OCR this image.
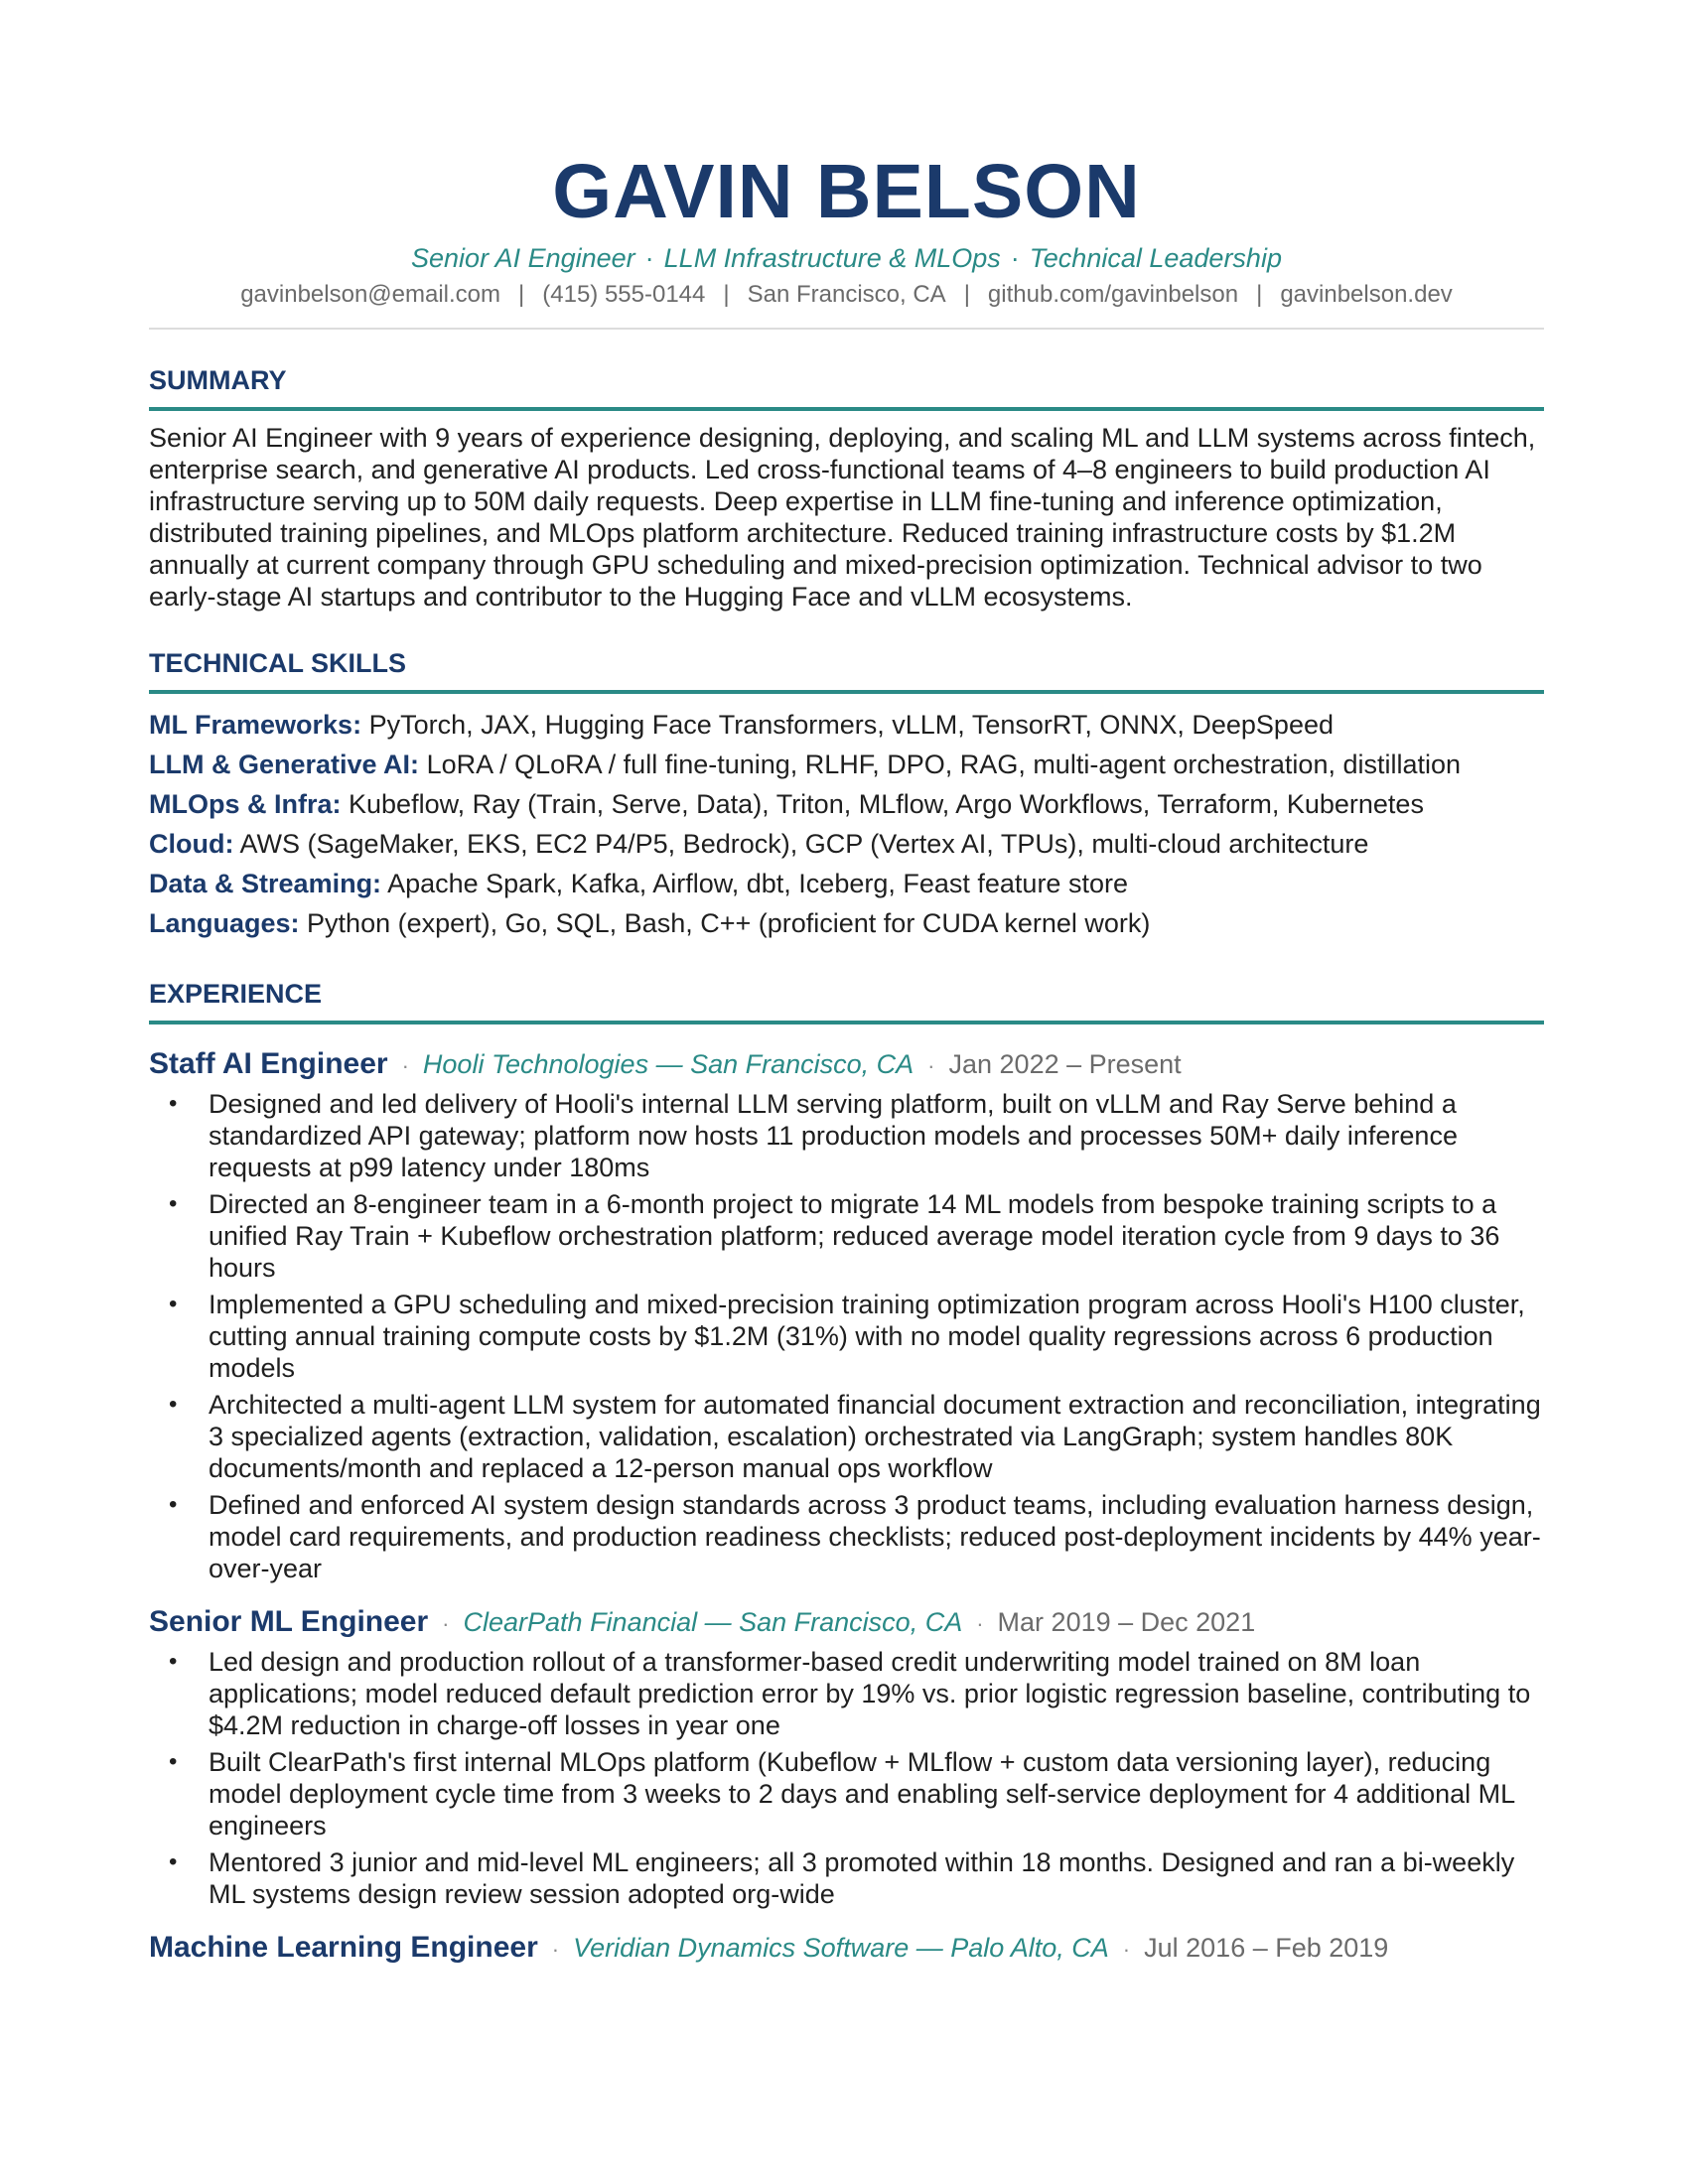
GAVIN BELSON
Senior AI Engineer · LLM Infrastructure & MLOps · Technical Leadership
gavinbelson@email.com | (415) 555-0144 | San Francisco, CA | github.com/gavinbelson | gavinbelson.dev
SUMMARY
Senior AI Engineer with 9 years of experience designing, deploying, and scaling ML and LLM systems across fintech, enterprise search, and generative AI products. Led cross-functional teams of 4–8 engineers to build production AI infrastructure serving up to 50M daily requests. Deep expertise in LLM fine-tuning and inference optimization, distributed training pipelines, and MLOps platform architecture. Reduced training infrastructure costs by $1.2M annually at current company through GPU scheduling and mixed-precision optimization. Technical advisor to two early-stage AI startups and contributor to the Hugging Face and vLLM ecosystems.
TECHNICAL SKILLS
ML Frameworks: PyTorch, JAX, Hugging Face Transformers, vLLM, TensorRT, ONNX, DeepSpeed
LLM & Generative AI: LoRA / QLoRA / full fine-tuning, RLHF, DPO, RAG, multi-agent orchestration, distillation
MLOps & Infra: Kubeflow, Ray (Train, Serve, Data), Triton, MLflow, Argo Workflows, Terraform, Kubernetes
Cloud: AWS (SageMaker, EKS, EC2 P4/P5, Bedrock), GCP (Vertex AI, TPUs), multi-cloud architecture
Data & Streaming: Apache Spark, Kafka, Airflow, dbt, Iceberg, Feast feature store
Languages: Python (expert), Go, SQL, Bash, C++ (proficient for CUDA kernel work)
EXPERIENCE
Staff AI Engineer · Hooli Technologies — San Francisco, CA · Jan 2022 – Present
• Designed and led delivery of Hooli's internal LLM serving platform, built on vLLM and Ray Serve behind a standardized API gateway; platform now hosts 11 production models and processes 50M+ daily inference requests at p99 latency under 180ms
• Directed an 8-engineer team in a 6-month project to migrate 14 ML models from bespoke training scripts to a unified Ray Train + Kubeflow orchestration platform; reduced average model iteration cycle from 9 days to 36 hours
• Implemented a GPU scheduling and mixed-precision training optimization program across Hooli's H100 cluster, cutting annual training compute costs by $1.2M (31%) with no model quality regressions across 6 production models
• Architected a multi-agent LLM system for automated financial document extraction and reconciliation, integrating 3 specialized agents (extraction, validation, escalation) orchestrated via LangGraph; system handles 80K documents/month and replaced a 12-person manual ops workflow
• Defined and enforced AI system design standards across 3 product teams, including evaluation harness design, model card requirements, and production readiness checklists; reduced post-deployment incidents by 44% year-over-year
Senior ML Engineer · ClearPath Financial — San Francisco, CA · Mar 2019 – Dec 2021
• Led design and production rollout of a transformer-based credit underwriting model trained on 8M loan applications; model reduced default prediction error by 19% vs. prior logistic regression baseline, contributing to $4.2M reduction in charge-off losses in year one
• Built ClearPath's first internal MLOps platform (Kubeflow + MLflow + custom data versioning layer), reducing model deployment cycle time from 3 weeks to 2 days and enabling self-service deployment for 4 additional ML engineers
• Mentored 3 junior and mid-level ML engineers; all 3 promoted within 18 months. Designed and ran a bi-weekly ML systems design review session adopted org-wide
Machine Learning Engineer · Veridian Dynamics Software — Palo Alto, CA · Jul 2016 – Feb 2019
